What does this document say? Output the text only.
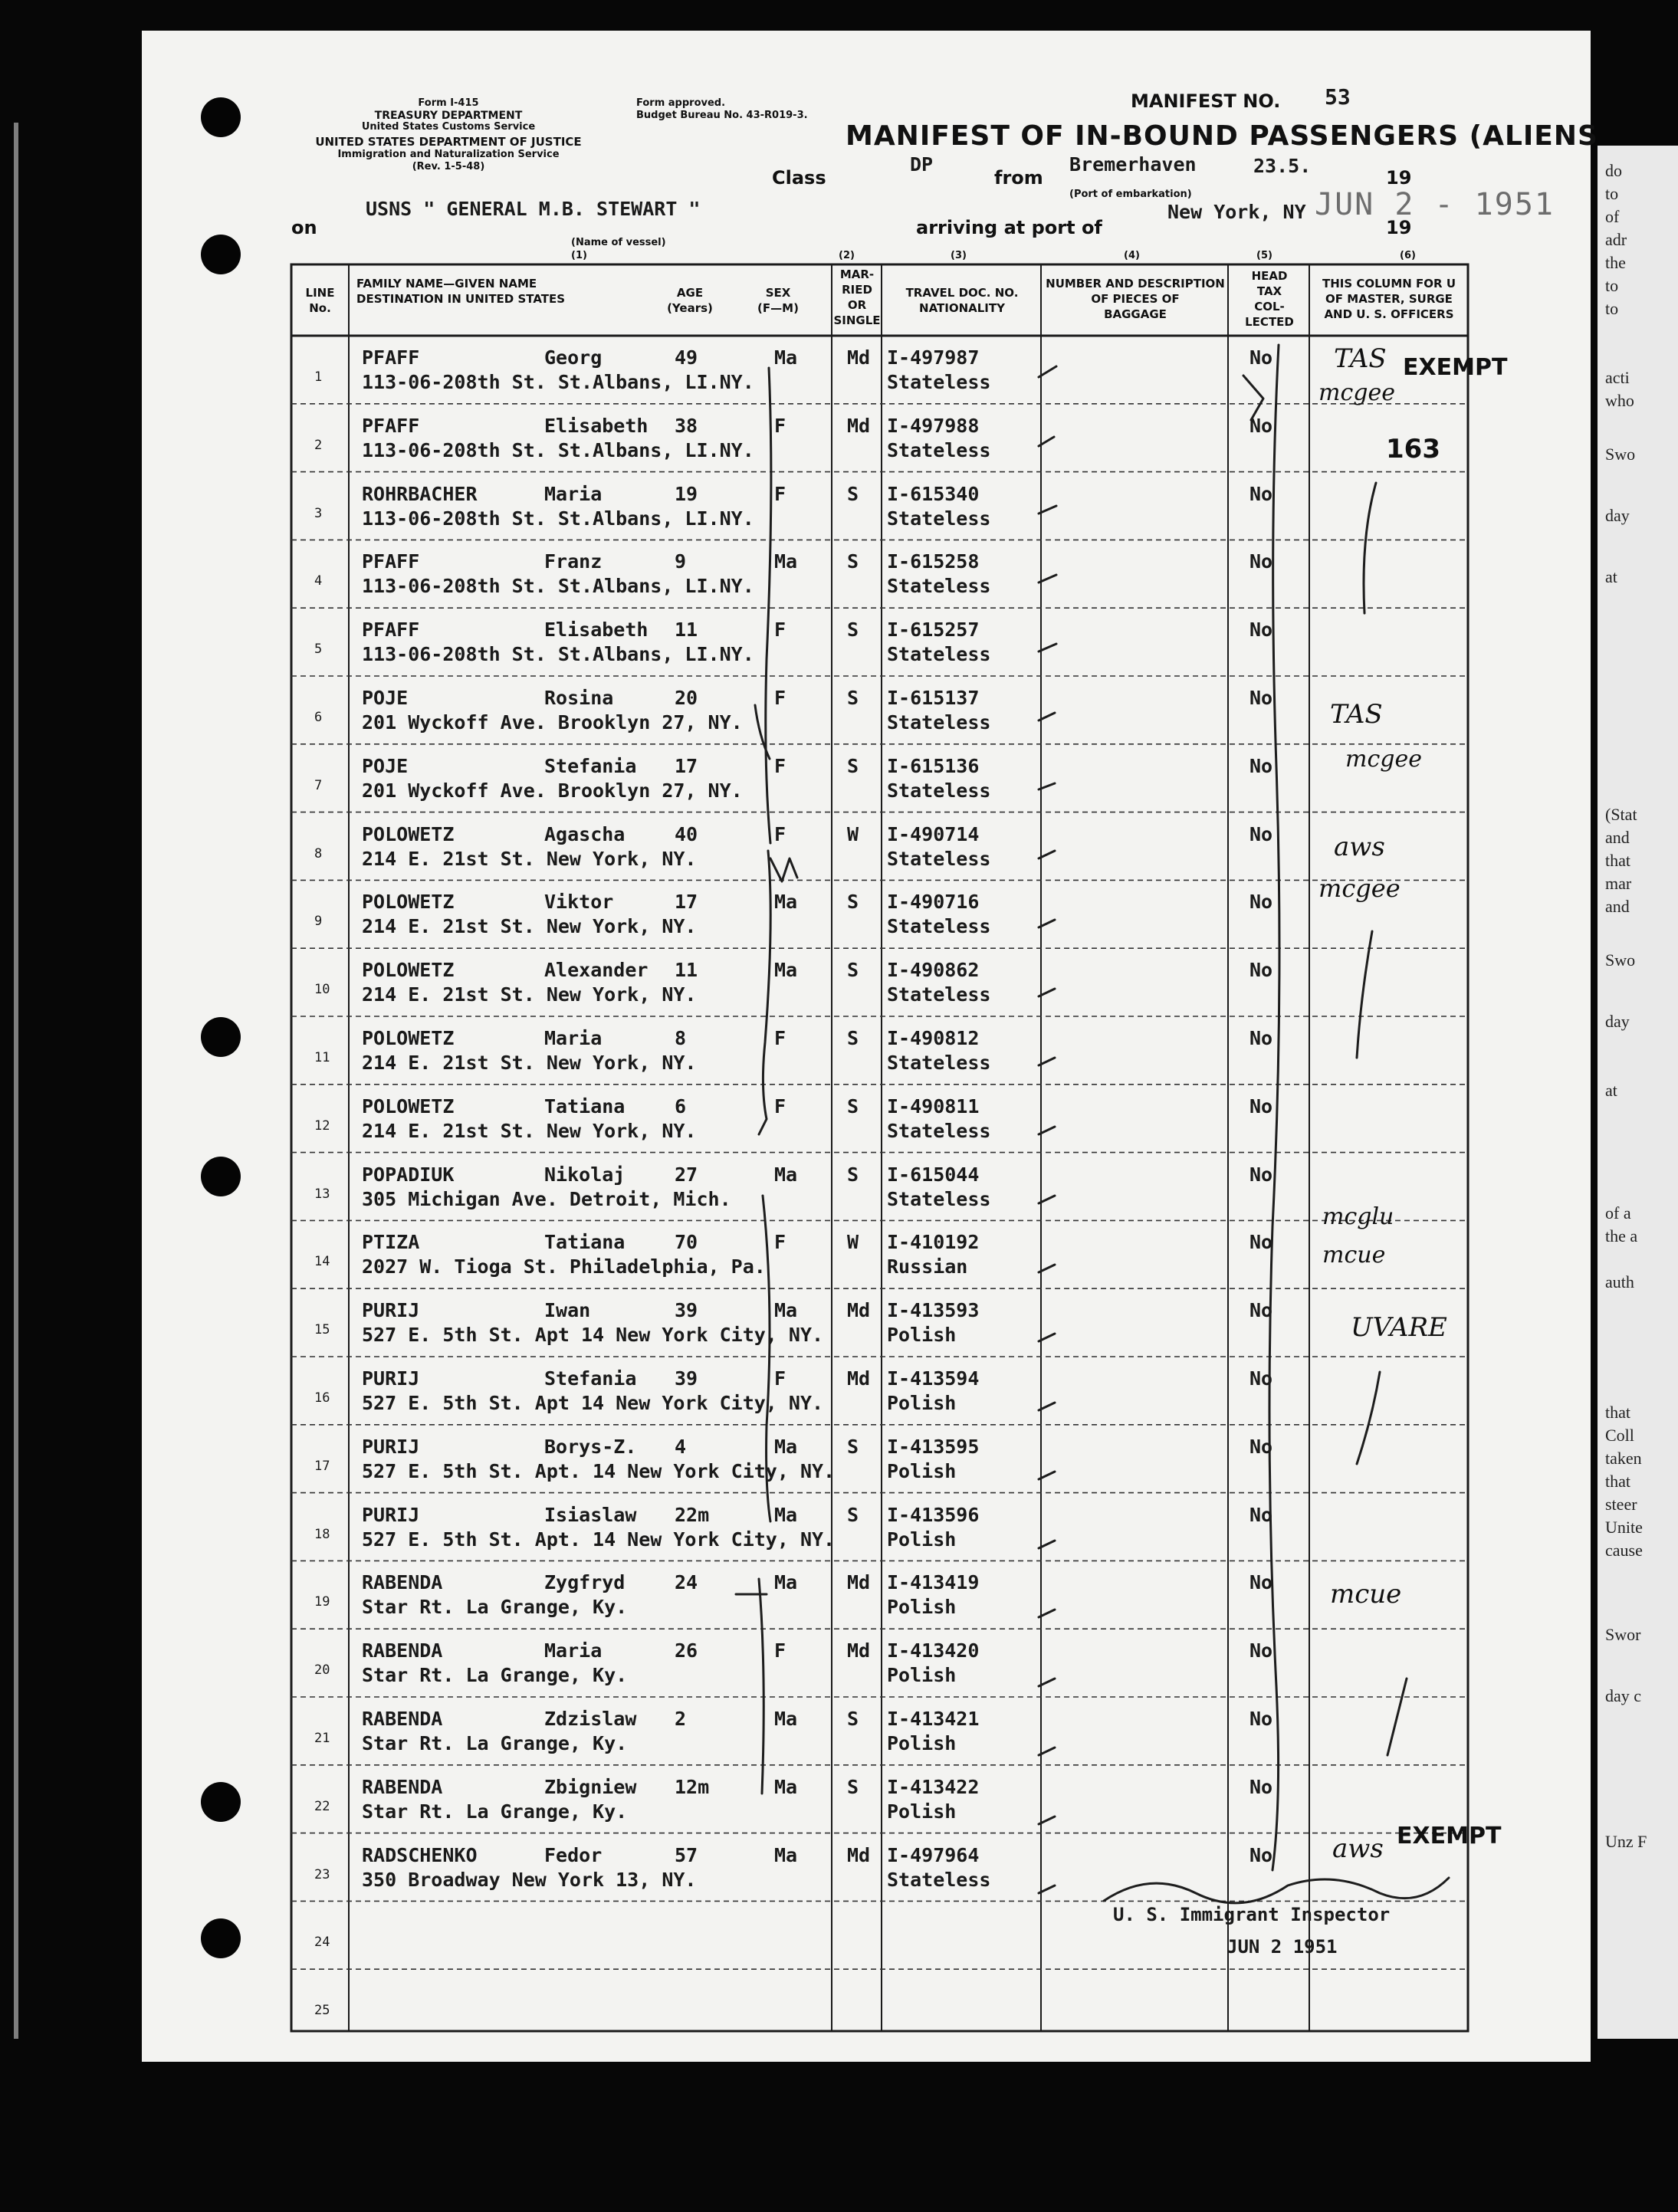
do
to
of
adr
the
to
to
acti
who
Swo
day
at
(Stat
and
that
mar
and
Swo
day
at
of a
the a
auth
that
Coll
taken
that
steer
Unite
cause
Swor
day c
Unz F
Form I-415
TREASURY DEPARTMENT
United States Customs Service
UNITED STATES DEPARTMENT OF JUSTICE
Immigration and Naturalization Service
(Rev. 1-5-48)
Form approved.
Budget Bureau No. 43-R019-3.
MANIFEST NO. 53
MANIFEST OF IN-BOUND PASSENGERS (ALIENS
Class
DP
from
Bremerhaven	23.5.
19
(Port of embarkation)
on
USNS " GENERAL M.B. STEWART "
(Name of vessel)
arriving at port of
New York, NY JUN 2 - 1951
19
(1)	(2)	(3)	(4)	(5)	(6)
LINE No.
FAMILY NAME—GIVEN NAME
DESTINATION IN UNITED STATES	AGE
(Years)
SEX
(F—M)
MAR-
RIED
OR
SINGLE
TRAVEL DOC. NO.
NATIONALITY
NUMBER AND DESCRIPTION
OF PIECES OF
BAGGAGE
HEAD
TAX
COL-
LECTED
THIS COLUMN FOR U
OF MASTER, SURGE
AND U. S. OFFICERS
1
PFAFF	Georg	49	Ma	Md I-497987	No
113-06-208th St. St.Albans, LI.NY.	Stateless
2
PFAFF	Elisabeth 38	F	Md I-497988	No
113-06-208th St. St.Albans, LI.NY.	Stateless
3
ROHRBACHER	Maria	19	F	S I-615340	No
113-06-208th St. St.Albans, LI.NY.	Stateless
4
PFAFF	Franz	9	Ma	S I-615258	No
113-06-208th St. St.Albans, LI.NY.	Stateless
5
PFAFF	Elisabeth 11	F	S I-615257	No
113-06-208th St. St.Albans, LI.NY.	Stateless
6
POJE	Rosina	20	F	S I-615137	No
201 Wyckoff Ave. Brooklyn 27, NY.	Stateless
7
POJE	Stefania 17	F	S I-615136	No
201 Wyckoff Ave. Brooklyn 27, NY.	Stateless
8
POLOWETZ	Agascha	40	F	W I-490714	No
214 E. 21st St. New York, NY.	Stateless
9
POLOWETZ	Viktor	17	Ma	S I-490716	No
214 E. 21st St. New York, NY.	Stateless
10
POLOWETZ	Alexander 11	Ma	S I-490862	No
214 E. 21st St. New York, NY.	Stateless
11
POLOWETZ	Maria	8	F	S I-490812	No
214 E. 21st St. New York, NY.	Stateless
12
POLOWETZ	Tatiana	6	F	S I-490811	No
214 E. 21st St. New York, NY.	Stateless
13
POPADIUK	Nikolaj	27	Ma	S I-615044	No
305 Michigan Ave. Detroit, Mich.	Stateless
14
PTIZA	Tatiana	70	F	W I-410192	No
2027 W. Tioga St. Philadelphia, Pa.	Russian
15
PURIJ	Iwan	39	Ma	Md I-413593	No
527 E. 5th St. Apt 14 New York City, NY.	Polish
16
PURIJ	Stefania 39	F	Md I-413594	No
527 E. 5th St. Apt 14 New York City, NY.	Polish
17
PURIJ	Borys-Z. 4	Ma	S I-413595	No
527 E. 5th St. Apt. 14 New York City, NY.	Polish
18
PURIJ	Isiaslaw 22m	Ma	S I-413596	No
527 E. 5th St. Apt. 14 New York City, NY.	Polish
19
RABENDA	Zygfryd	24	Ma	Md I-413419	No
Star Rt. La Grange, Ky.	Polish
20
RABENDA	Maria	26	F	Md I-413420	No
Star Rt. La Grange, Ky.	Polish
21
RABENDA	Zdzislaw 2	Ma	S I-413421	No
Star Rt. La Grange, Ky.	Polish
22
RABENDA	Zbigniew 12m	Ma	S I-413422	No
Star Rt. La Grange, Ky.	Polish
23
RADSCHENKO	Fedor	57	Ma	Md I-497964	No
350 Broadway New York 13, NY.	Stateless
24
25
TAS
mcgee
TAS
mcgee
aws
mcgee
mcglu
mcue
UVARE
mcue
aws
EXEMPT
163
EXEMPT
U. S. Immigrant Inspector
JUN 2 1951
